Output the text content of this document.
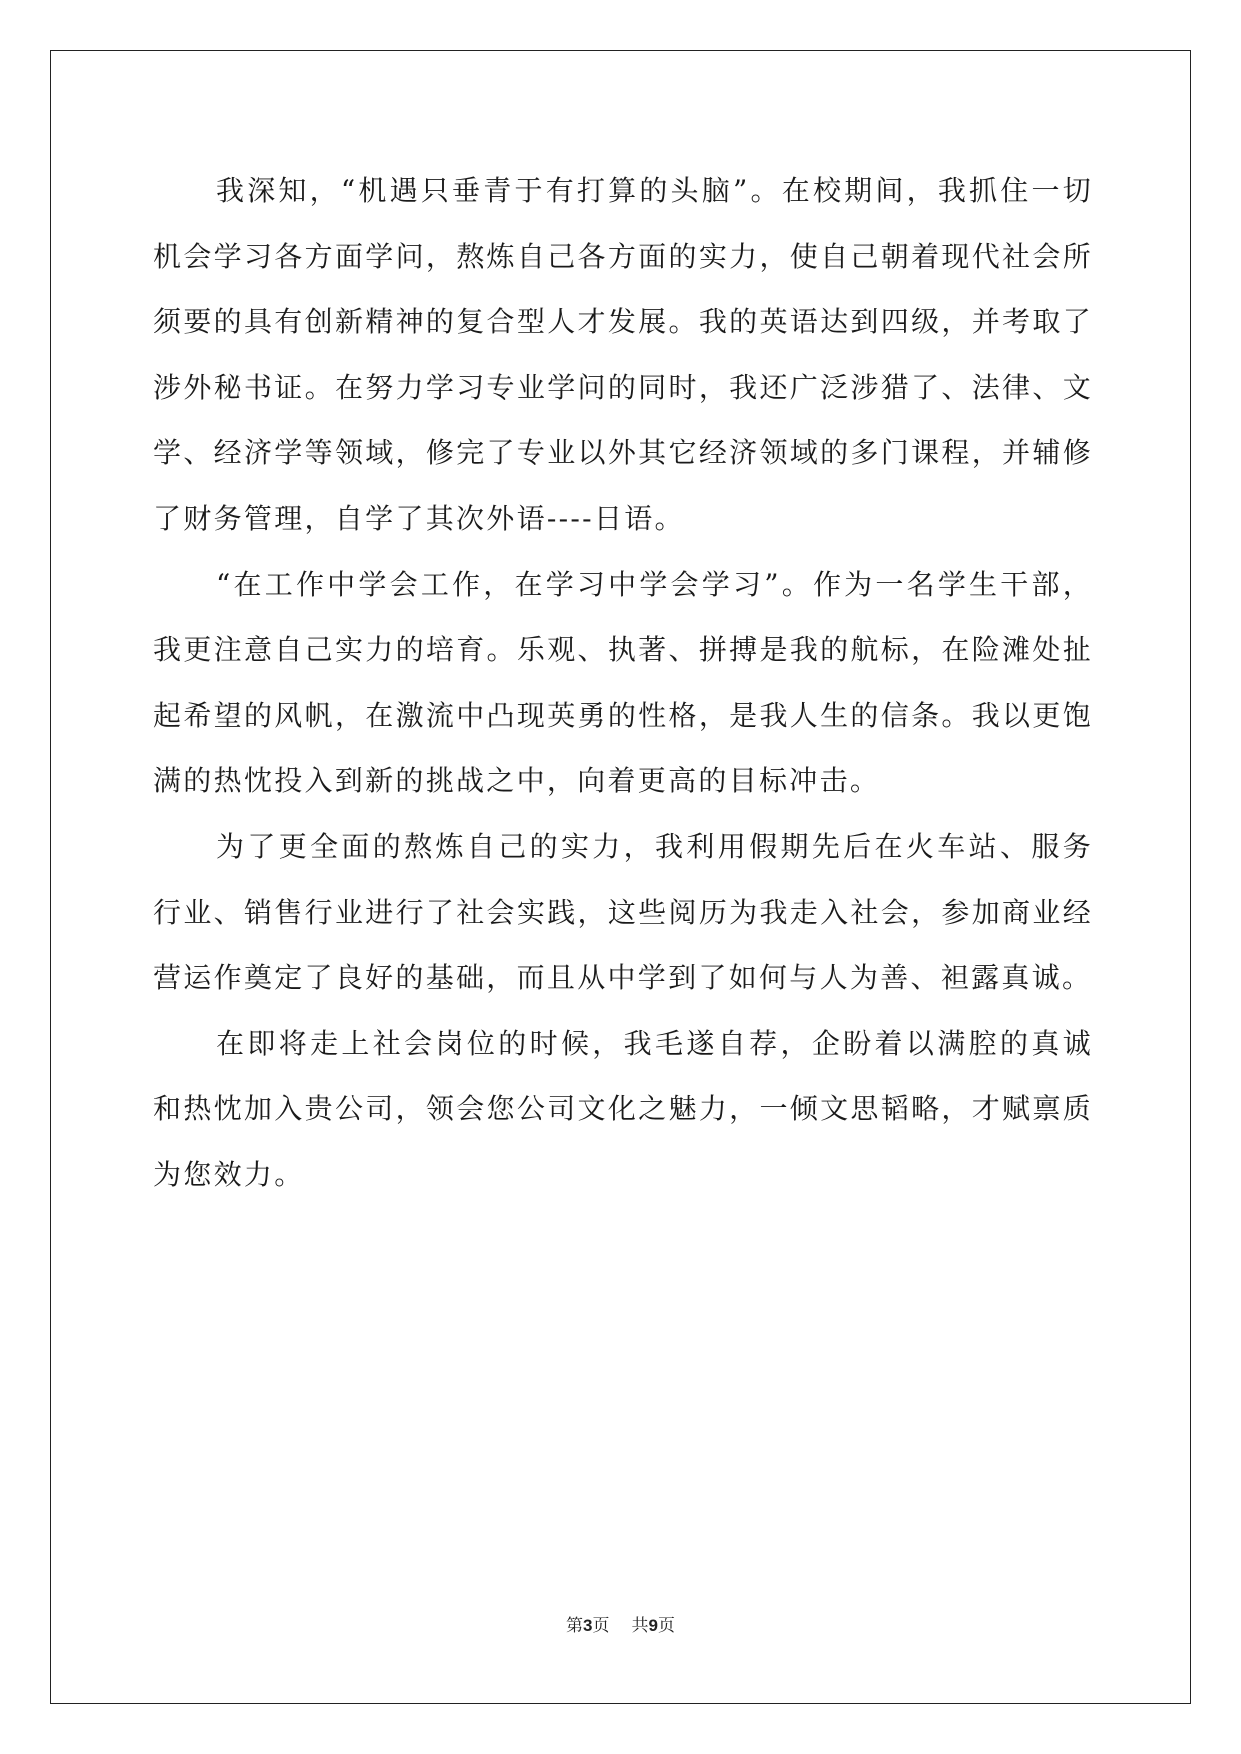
我深知，“机遇只垂青于有打算的头脑”。在校期间，我抓住一切机会学习各方面学问，熬炼自己各方面的实力，使自己朝着现代社会所须要的具有创新精神的复合型人才发展。我的英语达到四级，并考取了涉外秘书证。在努力学习专业学问的同时，我还广泛涉猎了、法律、文学、经济学等领域，修完了专业以外其它经济领域的多门课程，并辅修了财务管理，自学了其次外语----日语。

“在工作中学会工作，在学习中学会学习”。作为一名学生干部，我更注意自己实力的培育。乐观、执著、拼搏是我的航标，在险滩处扯起希望的风帆，在激流中凸现英勇的性格，是我人生的信条。我以更饱满的热忱投入到新的挑战之中，向着更高的目标冲击。

为了更全面的熬炼自己的实力，我利用假期先后在火车站、服务行业、销售行业进行了社会实践，这些阅历为我走入社会，参加商业经营运作奠定了良好的基础，而且从中学到了如何与人为善、袒露真诚。

在即将走上社会岗位的时候，我毛遂自荐，企盼着以满腔的真诚和热忱加入贵公司，领会您公司文化之魅力，一倾文思韬略，才赋禀质为您效力。

第3页 共9页
